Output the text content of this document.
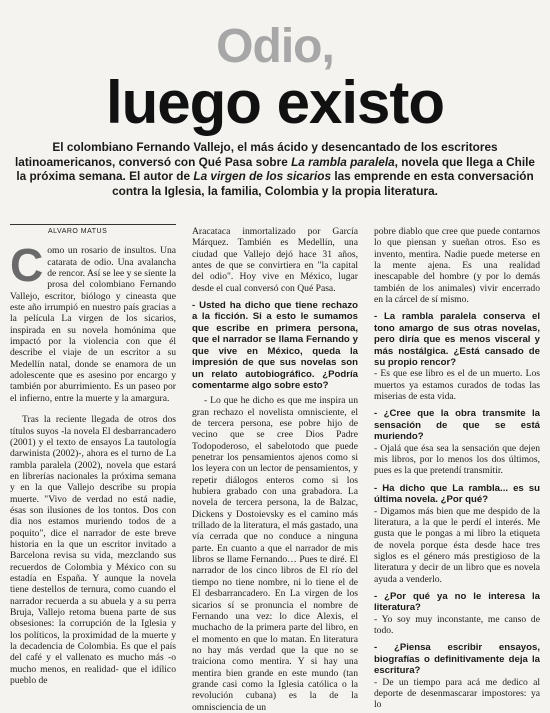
Odio,
luego existo

El colombiano Fernando Vallejo, el más ácido y desencantado de los escritores latinoamericanos, conversó con Qué Pasa sobre La rambla paralela, novela que llega a Chile la próxima semana. El autor de La virgen de los sicarios las emprende en esta conversación contra la Iglesia, la familia, Colombia y la propia literatura.

ALVARO MATUS

Como un rosario de insultos. Una catarata de odio. Una avalancha de rencor. Así se lee y se siente la prosa del colombiano Fernando Vallejo, escritor, biólogo y cineasta que este año irrumpió en nuestro país gracias a la película La virgen de los sicarios, inspirada en su novela homónima que impactó por la violencia con que él describe el viaje de un escritor a su Medellín natal, donde se enamora de un adolescente que es asesino por encargo y también por aburrimiento. Es un paseo por el infierno, entre la muerte y la amargura.

Tras la reciente llegada de otros dos títulos suyos -la novela El desbarrancadero (2001) y el texto de ensayos La tautología darwinista (2002)-, ahora es el turno de La rambla paralela (2002), novela que estará en librerías nacionales la próxima semana y en la que Vallejo describe su propia muerte. "Vivo de verdad no está nadie, ésas son ilusiones de los tontos. Dos con dia nos estamos muriendo todos de a poquito", dice el narrador de este breve historia en la que un escritor invitado a Barcelona revisa su vida, mezclando sus recuerdos de Colombia y México con su estadía en España. Y aunque la novela tiene destellos de ternura, como cuando el narrador recuerda a su abuela y a su perra Bruja, Vallejo retoma buena parte de sus obsesiones: la corrupción de la Iglesia y los políticos, la proximidad de la muerte y la decadencia de Colombia. Es que el país del café y el vallenato es mucho más -o mucho menos, en realidad- que el idílico pueblo de

Aracataca inmortalizado por García Márquez. También es Medellín, una ciudad que Vallejo dejó hace 31 años, antes de que se convirtiera en "la capital del odio". Hoy vive en México, lugar desde el cual conversó con Qué Pasa.

- Usted ha dicho que tiene rechazo a la ficción. Si a esto le sumamos que escribe en primera persona, que el narrador se llama Fernando y que vive en México, queda la impresión de que sus novelas son un relato autobiográfico. ¿Podría comentarme algo sobre esto?

- Lo que he dicho es que me inspira un gran rechazo el novelista omnisciente, el de tercera persona, ese pobre hijo de vecino que se cree Dios Padre Todopoderoso, el sabelotodo que puede penetrar los pensamientos ajenos como si los leyera con un lector de pensamientos, y repetir diálogos enteros como si los hubiera grabado con una grabadora. La novela de tercera persona, la de Balzac, Dickens y Dostoievsky es el camino más trillado de la literatura, el más gastado, una vía cerrada que no conduce a ninguna parte. En cuanto a que el narrador de mis libros se llame Fernando… Pues te diré. El narrador de los cinco libros de El río del tiempo no tiene nombre, ni lo tiene el de El desbarrancadero. En La virgen de los sicarios sí se pronuncia el nombre de Fernando una vez: lo dice Alexis, el muchacho de la primera parte del libro, en el momento en que lo matan. En literatura no hay más verdad que la que no se traiciona como mentira. Y si hay una mentira bien grande en este mundo (tan grande casi como la Iglesia católica o la revolución cubana) es la de la omnisciencia de un

pobre diablo que cree que puede contarnos lo que piensan y sueñan otros. Eso es invento, mentira. Nadie puede meterse en la mente ajena. Es una realidad inescapable del hombre (y por lo demás también de los animales) vivir encerrado en la cárcel de sí mismo.

- La rambla paralela conserva el tono amargo de sus otras novelas, pero diría que es menos visceral y más nostálgica. ¿Está cansado de su propio rencor?

- Es que ese libro es el de un muerto. Los muertos ya estamos curados de todas las miserias de esta vida.

- ¿Cree que la obra transmite la sensación de que se está muriendo?

- Ojalá que ésa sea la sensación que dejen mis libros, por lo menos los dos últimos, pues es la que pretendí transmitir.

- Ha dicho que La rambla... es su última novela. ¿Por qué?

- Digamos más bien que me despido de la literatura, a la que le perdí el interés. Me gusta que le pongas a mi libro la etiqueta de novela porque ésta desde hace tres siglos es el género más prestigioso de la literatura y decir de un libro que es novela ayuda a venderlo.

- ¿Por qué ya no le interesa la literatura?

- Yo soy muy inconstante, me canso de todo.

- ¿Piensa escribir ensayos, biografías o definitivamente deja la escritura?

- De un tiempo para acá me dedico al deporte de desenmascarar impostores: ya lo
